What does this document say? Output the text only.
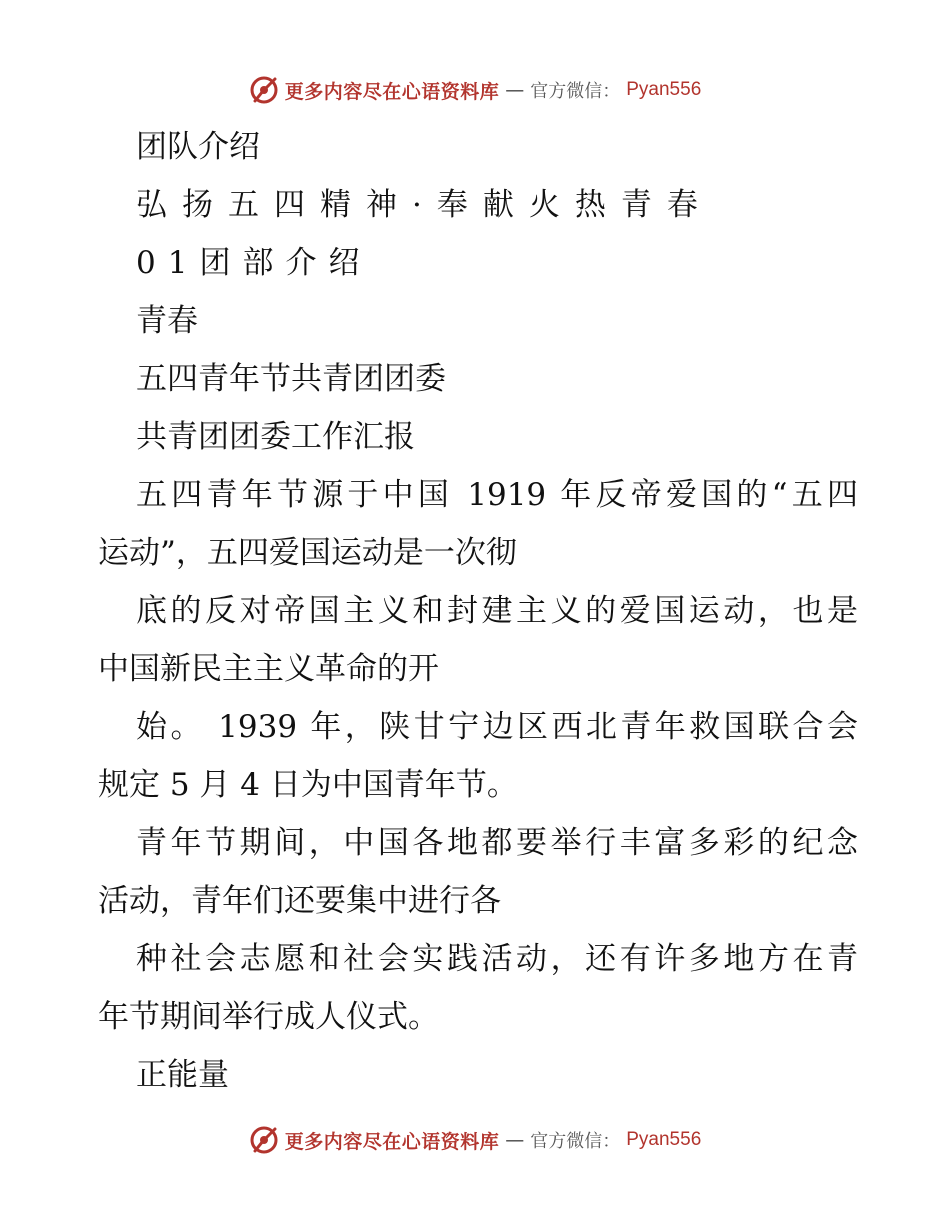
更多内容尽在心语资料库 — 官方微信： Pyan556
团队介绍
弘扬五四精神·奉献火热青春
01团部介绍
青春
五四青年节共青团团委
共青团团委工作汇报
五四青年节源于中国 1919 年反帝爱国的“五四
运动”，五四爱国运动是一次彻
底的反对帝国主义和封建主义的爱国运动，也是
中国新民主主义革命的开
始。 1939 年，陕甘宁边区西北青年救国联合会
规定 5 月 4 日为中国青年节。
青年节期间，中国各地都要举行丰富多彩的纪念
活动，青年们还要集中进行各
种社会志愿和社会实践活动，还有许多地方在青
年节期间举行成人仪式。
正能量
更多内容尽在心语资料库 — 官方微信： Pyan556
